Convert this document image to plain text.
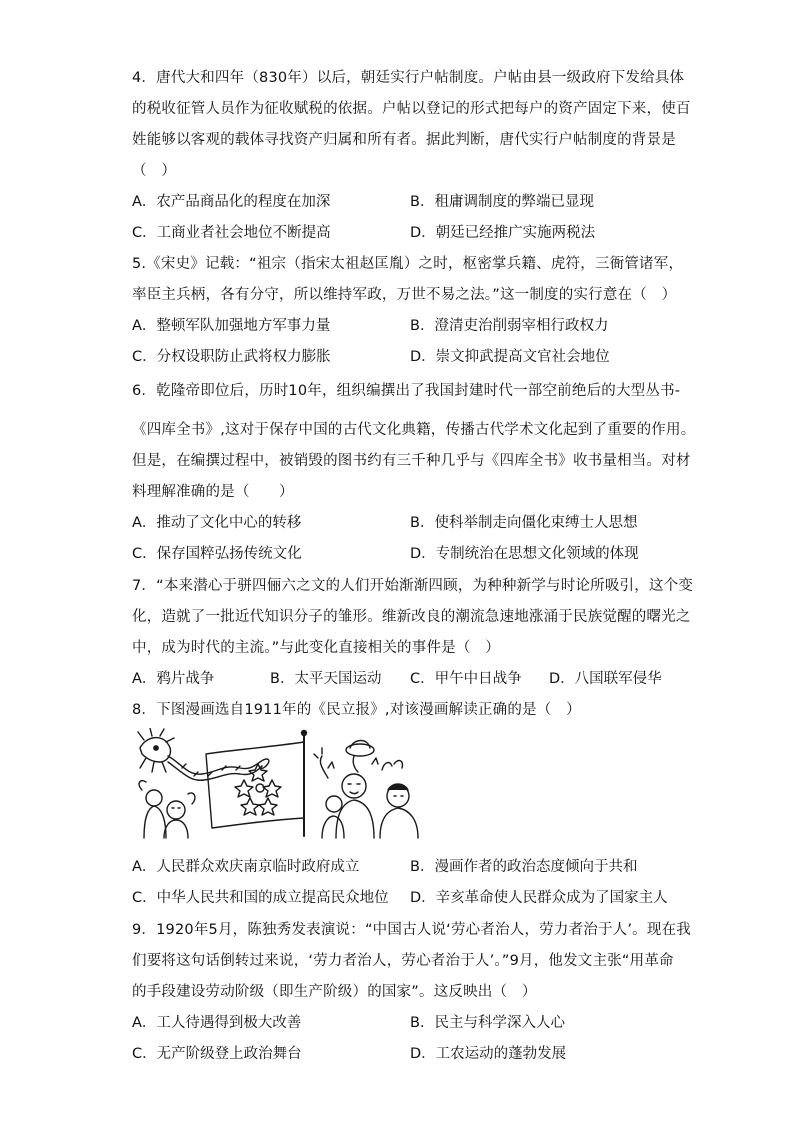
4．唐代大和四年（830年）以后，朝廷实行户帖制度。户帖由县一级政府下发给具体
的税收征管人员作为征收赋税的依据。户帖以登记的形式把每户的资产固定下来，使百
姓能够以客观的载体寻找资产归属和所有者。据此判断，唐代实行户帖制度的背景是
（　）
A．农产品商品化的程度在加深	B．租庸调制度的弊端已显现
C．工商业者社会地位不断提高	D．朝廷已经推广实施两税法
5.《宋史》记载：“祖宗（指宋太祖赵匡胤）之时，枢密掌兵籍、虎符，三衙管诸军，
率臣主兵柄，各有分守，所以维持军政，万世不易之法。”这一制度的实行意在（　）
A．整顿军队加强地方军事力量	B．澄清吏治削弱宰相行政权力
C．分权设职防止武将权力膨胀	D．崇文抑武提高文官社会地位
6．乾隆帝即位后，历时10年，组织编撰出了我国封建时代一部空前绝后的大型丛书-
《四库全书》,这对于保存中国的古代文化典籍，传播古代学术文化起到了重要的作用。
但是，在编撰过程中，被销毁的图书约有三千种几乎与《四库全书》收书量相当。对材
料理解准确的是（　　）
A．推动了文化中心的转移	B．使科举制走向僵化束缚士人思想
C．保存国粹弘扬传统文化	D．专制统治在思想文化领域的体现
7．“本来潜心于骈四俪六之文的人们开始渐渐四顾，为种种新学与时论所吸引，这个变
化，造就了一批近代知识分子的雏形。维新改良的潮流急速地涨涌于民族觉醒的曙光之
中，成为时代的主流。”与此变化直接相关的事件是（　）
A．鸦片战争	B．太平天国运动 C．甲午中日战争 D．八国联军侵华
8．下图漫画选自1911年的《民立报》,对该漫画解读正确的是（　）
A．人民群众欢庆南京临时政府成立	B．漫画作者的政治态度倾向于共和
C．中华人民共和国的成立提高民众地位 D．辛亥革命使人民群众成为了国家主人
9．1920年5月，陈独秀发表演说：“中国古人说‘劳心者治人，劳力者治于人’。现在我
们要将这句话倒转过来说，‘劳力者治人，劳心者治于人’。”9月，他发文主张“用革命
的手段建设劳动阶级（即生产阶级）的国家”。这反映出（　）
A．工人待遇得到极大改善	B．民主与科学深入人心
C．无产阶级登上政治舞台	D．工农运动的蓬勃发展
